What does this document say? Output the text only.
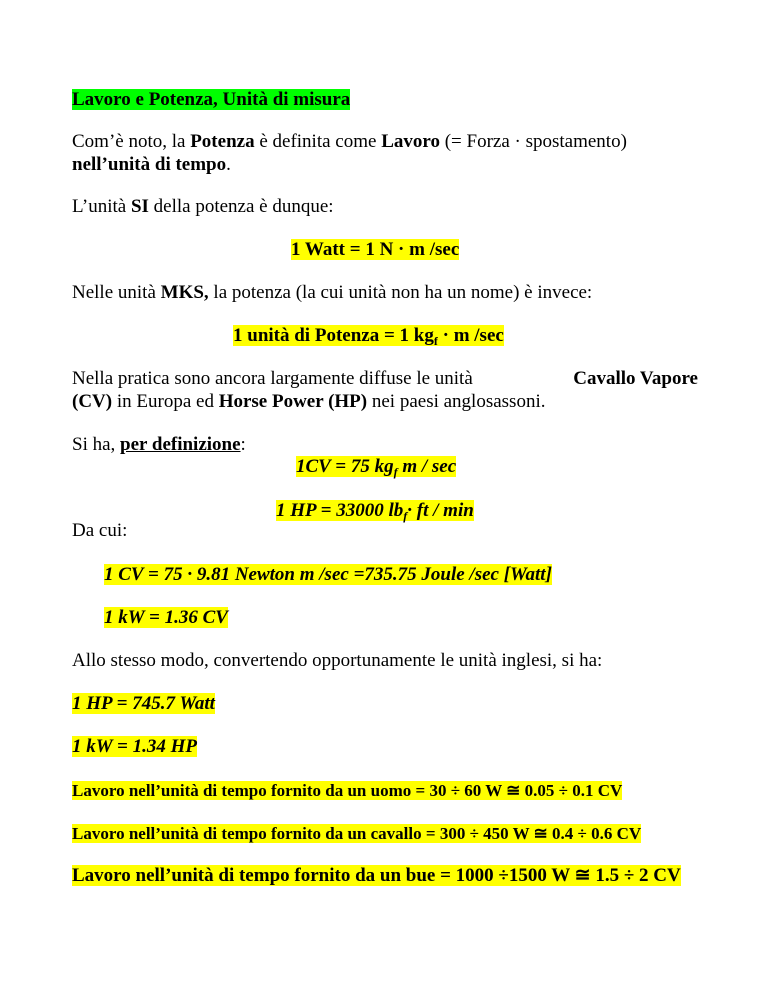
Lavoro e Potenza, Unità di misura
Com’è noto, la Potenza è definita come Lavoro (= Forza · spostamento)
nell’unità di tempo.
L’unità SI della potenza è dunque:
1 Watt = 1 N · m /sec
Nelle unità MKS, la potenza (la cui unità non ha un nome) è invece:
1 unità di Potenza = 1 $kg_f \cdot m$ /sec
Nella pratica sono ancora largamente diffuse le unità	Cavallo Vapore
(CV) in Europa ed Horse Power (HP) nei paesi anglosassoni.
Si ha, per definizione:
1CV = 75 $kg_f$ m / sec
1 HP = 33000 $lb_f\cdot$ ft / min
Da cui:
1 CV = 75 · 9.81 Newton m /sec =735.75 Joule /sec [Watt]
1 kW = 1.36 CV
Allo stesso modo, convertendo opportunamente le unità inglesi, si ha:
1 HP = 745.7 Watt
1 kW = 1.34 HP
Lavoro nell’unità di tempo fornito da un uomo = 30 ÷ 60 W ≅ 0.05 ÷ 0.1 CV
Lavoro nell’unità di tempo fornito da un cavallo = 300 ÷ 450 W ≅ 0.4 ÷ 0.6 CV
Lavoro nell’unità di tempo fornito da un bue = 1000 ÷1500 W ≅ 1.5 ÷ 2 CV
